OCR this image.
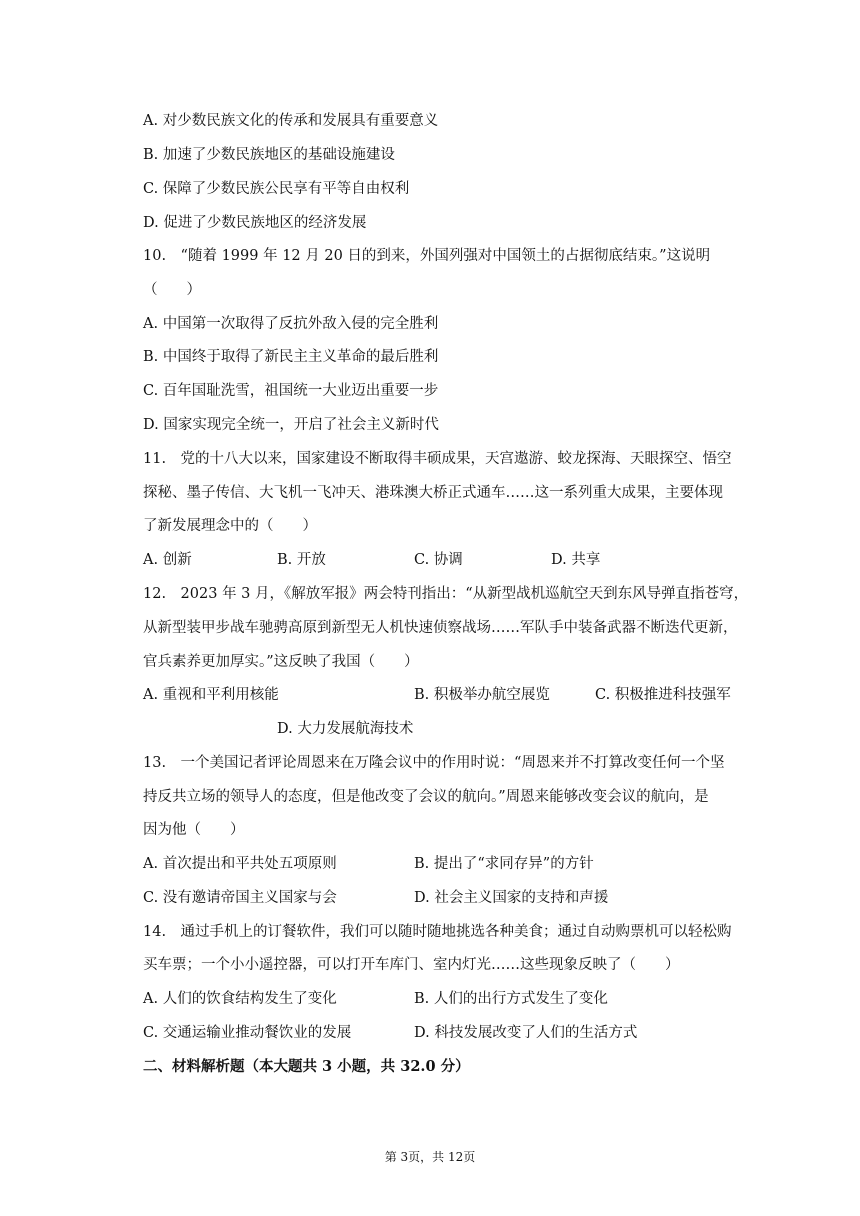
A. 对少数民族文化的传承和发展具有重要意义
B. 加速了少数民族地区的基础设施建设
C. 保障了少数民族公民享有平等自由权利
D. 促进了少数民族地区的经济发展
10.　“随着 1999 年 12 月 20 日的到来，外国列强对中国领土的占据彻底结束。”这说明
（　　）
A. 中国第一次取得了反抗外敌入侵的完全胜利
B. 中国终于取得了新民主主义革命的最后胜利
C. 百年国耻洗雪，祖国统一大业迈出重要一步
D. 国家实现完全统一，开启了社会主义新时代
11.　党的十八大以来，国家建设不断取得丰硕成果，天宫遨游、蛟龙探海、天眼探空、悟空
探秘、墨子传信、大飞机一飞冲天、港珠澳大桥正式通车……这一系列重大成果，主要体现
了新发展理念中的（　　）
A. 创新	B. 开放	C. 协调	D. 共享
12.　2023 年 3 月，《解放军报》两会特刊指出：“从新型战机巡航空天到东风导弹直指苍穹，
从新型装甲步战车驰骋高原到新型无人机快速侦察战场……军队手中装备武器不断迭代更新，
官兵素养更加厚实。”这反映了我国（　　）
A. 重视和平利用核能	B. 积极举办航空展览	C. 积极推进科技强军
D. 大力发展航海技术
13.　一个美国记者评论周恩来在万隆会议中的作用时说：“周恩来并不打算改变任何一个坚
持反共立场的领导人的态度，但是他改变了会议的航向。”周恩来能够改变会议的航向，是
因为他（　　）
A. 首次提出和平共处五项原则	B. 提出了“求同存异”的方针
C. 没有邀请帝国主义国家与会	D. 社会主义国家的支持和声援
14.　通过手机上的订餐软件，我们可以随时随地挑选各种美食；通过自动购票机可以轻松购
买车票；一个小小遥控器，可以打开车库门、室内灯光……这些现象反映了（　　）
A. 人们的饮食结构发生了变化	B. 人们的出行方式发生了变化
C. 交通运输业推动餐饮业的发展	D. 科技发展改变了人们的生活方式
二、材料解析题（本大题共 3 小题，共 32.0 分）
第 3页，共 12页
